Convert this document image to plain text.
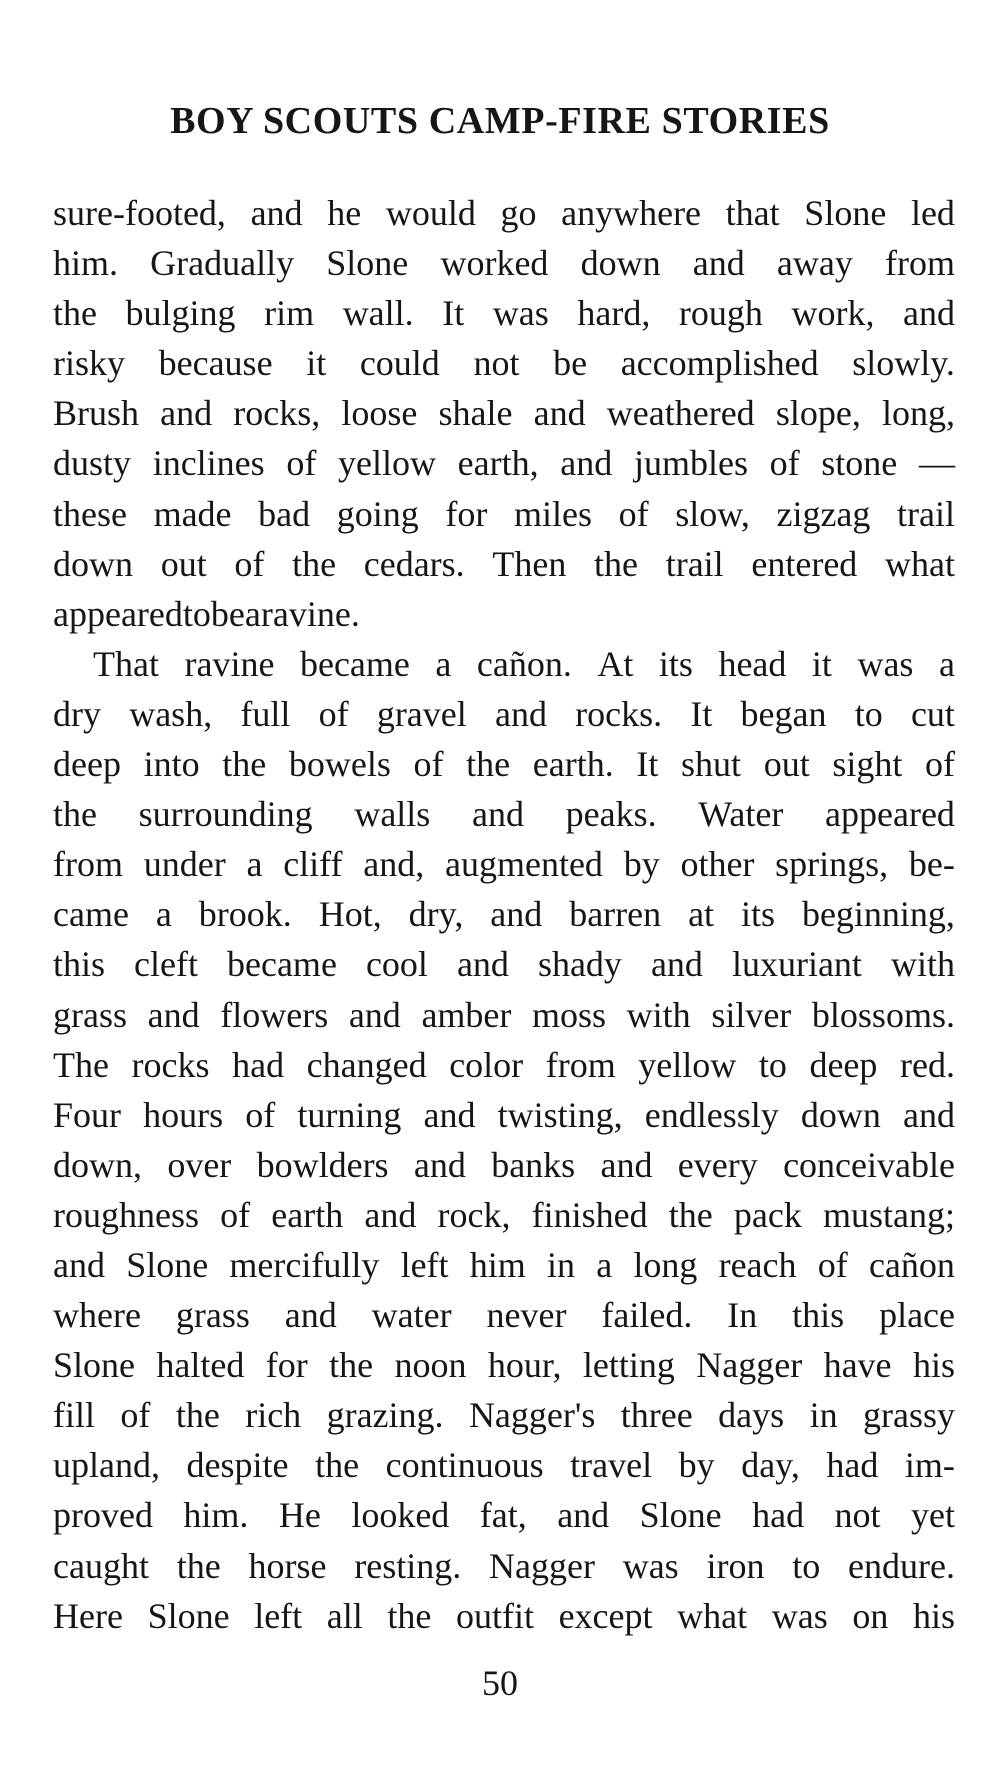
BOY SCOUTS CAMP-FIRE STORIES
sure-footed, and he would go anywhere that Slone led
him. Gradually Slone worked down and away from
the bulging rim wall. It was hard, rough work, and
risky because it could not be accomplished slowly.
Brush and rocks, loose shale and weathered slope, long,
dusty inclines of yellow earth, and jumbles of stone —
these made bad going for miles of slow, zigzag trail
down out of the cedars. Then the trail entered what
appeared to be a ravine.
That ravine became a cañon. At its head it was a
dry wash, full of gravel and rocks. It began to cut
deep into the bowels of the earth. It shut out sight of
the surrounding walls and peaks. Water appeared
from under a cliff and, augmented by other springs, be-
came a brook. Hot, dry, and barren at its beginning,
this cleft became cool and shady and luxuriant with
grass and flowers and amber moss with silver blossoms.
The rocks had changed color from yellow to deep red.
Four hours of turning and twisting, endlessly down and
down, over bowlders and banks and every conceivable
roughness of earth and rock, finished the pack mustang;
and Slone mercifully left him in a long reach of cañon
where grass and water never failed. In this place
Slone halted for the noon hour, letting Nagger have his
fill of the rich grazing. Nagger's three days in grassy
upland, despite the continuous travel by day, had im-
proved him. He looked fat, and Slone had not yet
caught the horse resting. Nagger was iron to endure.
Here Slone left all the outfit except what was on his
50
